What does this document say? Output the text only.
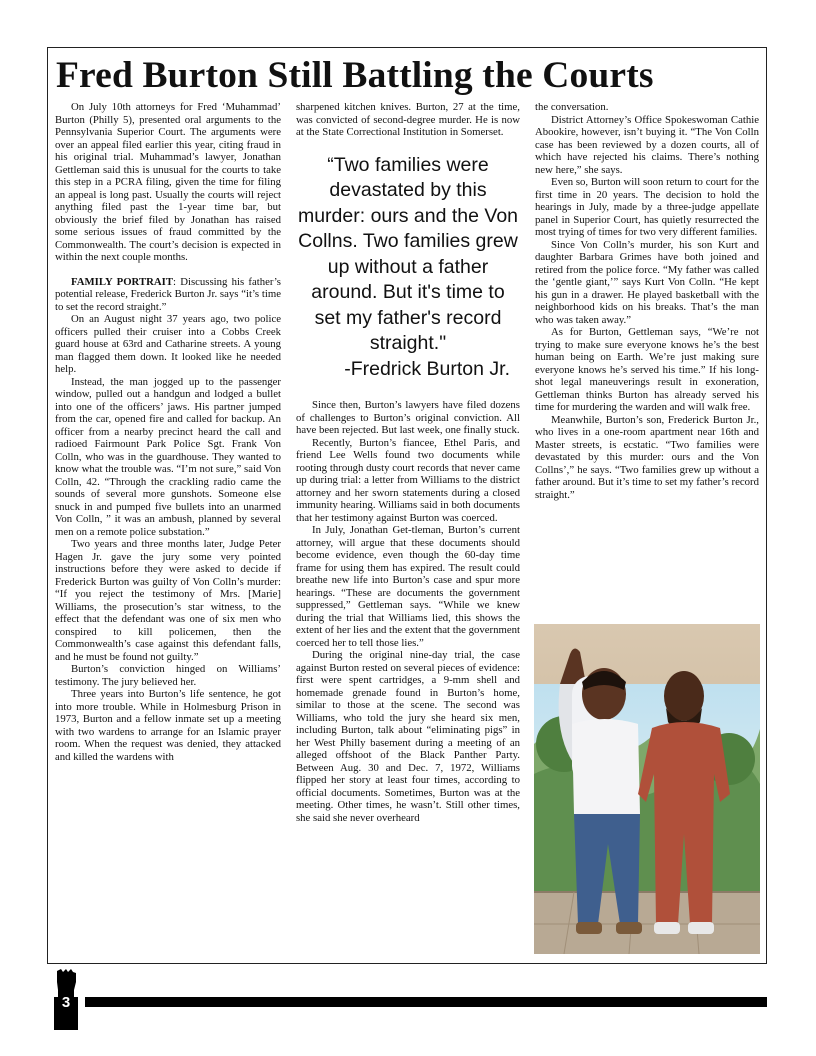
Fred Burton Still Battling the Courts

On July 10th attorneys for Fred ‘Muhammad’ Burton (Philly 5), presented oral arguments to the Pennsylvania Superior Court. The arguments were over an appeal filed earlier this year, citing fraud in his original trial. Muhammad’s lawyer, Jonathan Gettleman said this is unusual for the courts to take this step in a PCRA filing, given the time for filing an appeal is long past. Usually the courts will reject anything filed past the 1-year time bar, but obviously the brief filed by Jonathan has raised some serious issues of fraud committed by the Commonwealth. The court’s decision is expected in within the next couple months.

FAMILY PORTRAIT: Discussing his father’s potential release, Frederick Burton Jr. says “it’s time to set the record straight.”

On an August night 37 years ago, two police officers pulled their cruiser into a Cobbs Creek guard house at 63rd and Catharine streets. A young man flagged them down. It looked like he needed help.

Instead, the man jogged up to the passenger window, pulled out a handgun and lodged a bullet into one of the officers’ jaws. His partner jumped from the car, opened fire and called for backup. An officer from a nearby precinct heard the call and radioed Fairmount Park Police Sgt. Frank Von Colln, who was in the guardhouse. They wanted to know what the trouble was. “I’m not sure,” said Von Colln, 42. “Through the crackling radio came the sounds of several more gunshots. Someone else snuck in and pumped five bullets into an unarmed Von Colln, ” it was an ambush, planned by several men on a remote police substation.”

Two years and three months later, Judge Peter Hagen Jr. gave the jury some very pointed instructions before they were asked to decide if Frederick Burton was guilty of Von Colln’s murder: “If you reject the testimony of Mrs. [Marie] Williams, the prosecution’s star witness, to the effect that the defendant was one of six men who conspired to kill policemen, then the Commonwealth’s case against this defendant falls, and he must be found not guilty.”

Burton’s conviction hinged on Williams’ testimony. The jury believed her.

Three years into Burton’s life sentence, he got into more trouble. While in Holmesburg Prison in 1973, Burton and a fellow inmate set up a meeting with two wardens to arrange for an Islamic prayer room. When the request was denied, they attacked and killed the wardens with

sharpened kitchen knives. Burton, 27 at the time, was convicted of second-degree murder. He is now at the State Correctional Institution in Somerset.

“Two families were devastated by this murder: ours and the Von Collns. Two families grew up without a father around. But it's time to set my father's record straight."
-Fredrick Burton Jr.

Since then, Burton’s lawyers have filed dozens of challenges to Burton’s original conviction. All have been rejected. But last week, one finally stuck.

Recently, Burton’s fiancee, Ethel Paris, and friend Lee Wells found two documents while rooting through dusty court records that never came up during trial: a letter from Williams to the district attorney and her sworn statements during a closed immunity hearing. Williams said in both documents that her testimony against Burton was coerced.

In July, Jonathan Get-tleman, Burton’s current attorney, will argue that these documents should become evidence, even though the 60-day time frame for using them has expired. The result could breathe new life into Burton’s case and spur more hearings. “These are documents the government suppressed,” Gettleman says. “While we knew during the trial that Williams lied, this shows the extent of her lies and the extent that the government coerced her to tell those lies.”

During the original nine-day trial, the case against Burton rested on several pieces of evidence: first were spent cartridges, a 9-mm shell and homemade grenade found in Burton’s home, similar to those at the scene. The second was Williams, who told the jury she heard six men, including Burton, talk about “eliminating pigs” in her West Philly basement during a meeting of an alleged offshoot of the Black Panther Party. Between Aug. 30 and Dec. 7, 1972, Williams flipped her story at least four times, according to official documents. Sometimes, Burton was at the meeting. Other times, he wasn’t. Still other times, she said she never overheard

the conversation.

District Attorney’s Office Spokeswoman Cathie Abookire, however, isn’t buying it. “The Von Colln case has been reviewed by a dozen courts, all of which have rejected his claims. There’s nothing new here,” she says.

Even so, Burton will soon return to court for the first time in 20 years. The decision to hold the hearings in July, made by a three-judge appellate panel in Superior Court, has quietly resurrected the most trying of times for two very different families.

Since Von Colln’s murder, his son Kurt and daughter Barbara Grimes have both joined and retired from the police force. “My father was called the ‘gentle giant,’” says Kurt Von Colln. “He kept his gun in a drawer. He played basketball with the neighborhood kids on his breaks. That’s the man who was taken away.”

As for Burton, Gettleman says, “We’re not trying to make sure everyone knows he’s the best human being on Earth. We’re just making sure everyone knows he’s served his time.” If his long-shot legal maneuverings result in exoneration, Gettleman thinks Burton has already served his time for murdering the warden and will walk free.

Meanwhile, Burton’s son, Frederick Burton Jr., who lives in a one-room apartment near 16th and Master streets, is ecstatic. “Two families were devastated by this murder: ours and the Von Collns’,” he says. “Two families grew up without a father around. But it’s time to set my father’s record straight.”

3
